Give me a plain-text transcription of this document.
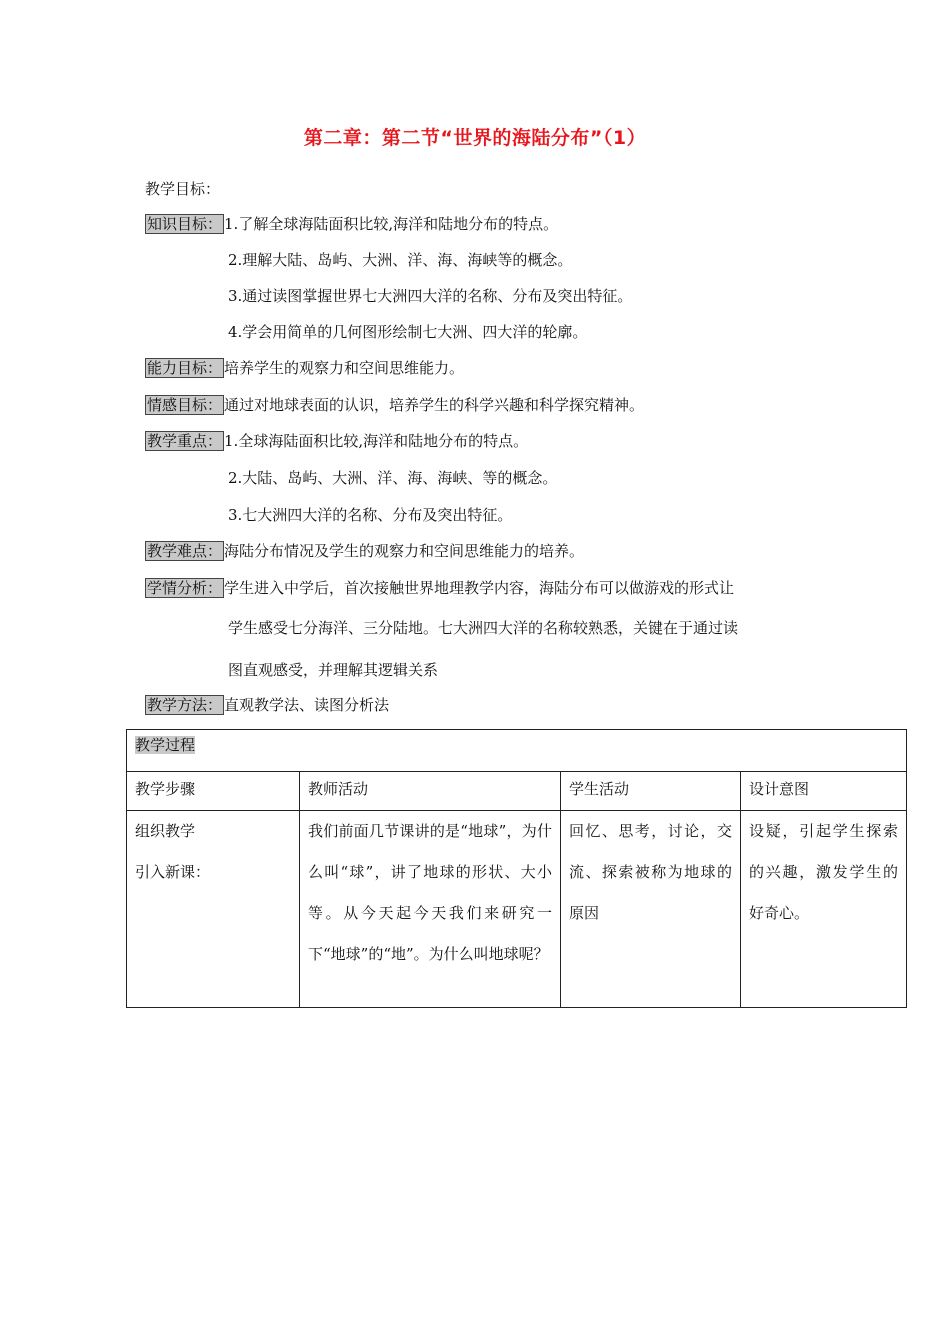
第二章：第二节“世界的海陆分布”（1）
教学目标：
知识目标： 1.了解全球海陆面积比较,海洋和陆地分布的特点。
2.理解大陆、岛屿、大洲、洋、海、海峡等的概念。
3.通过读图掌握世界七大洲四大洋的名称、分布及突出特征。
4.学会用简单的几何图形绘制七大洲、四大洋的轮廓。
能力目标： 培养学生的观察力和空间思维能力。
情感目标： 通过对地球表面的认识，培养学生的科学兴趣和科学探究精神。
教学重点： 1.全球海陆面积比较,海洋和陆地分布的特点。
2.大陆、岛屿、大洲、洋、海、海峡、等的概念。
3.七大洲四大洋的名称、分布及突出特征。
教学难点： 海陆分布情况及学生的观察力和空间思维能力的培养。
学情分析： 学生进入中学后，首次接触世界地理教学内容，海陆分布可以做游戏的形式让
学生感受七分海洋、三分陆地。七大洲四大洋的名称较熟悉，关键在于通过读
图直观感受，并理解其逻辑关系
教学方法： 直观教学法、读图分析法
教学过程			
教学步骤	教师活动	学生活动	设计意图

组织教学
引入新课：	我们前面几节课讲的是“地球”，为什么叫“球”，讲了地球的形状、大小等。从今天起今天我们来研究一下“地球”的“地”。为什么叫地球呢？	回忆、思考，讨论，交流、探索被称为地球的原因	设疑，引起学生探索的兴趣，激发学生的好奇心。
